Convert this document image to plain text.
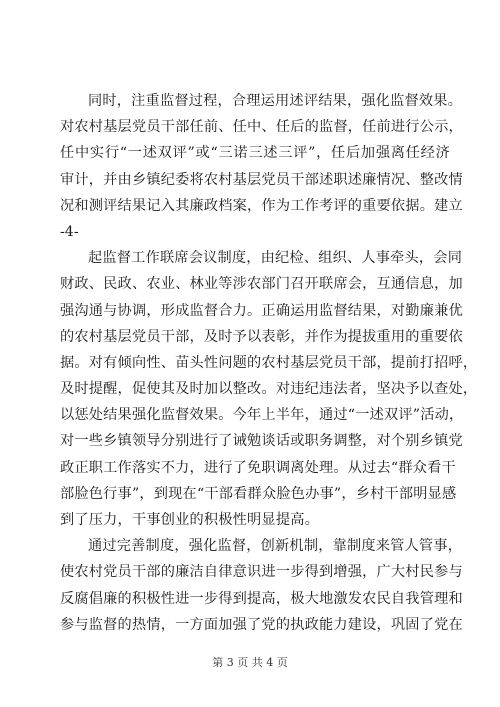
同时，注重监督过程，合理运用述评结果，强化监督效果。
对农村基层党员干部任前、任中、任后的监督，任前进行公示，
任中实行“一述双评”或“三诺三述三评”，任后加强离任经济
审计，并由乡镇纪委将农村基层党员干部述职述廉情况、整改情
况和测评结果记入其廉政档案，作为工作考评的重要依据。建立
-4-
起监督工作联席会议制度，由纪检、组织、人事牵头，会同
财政、民政、农业、林业等涉农部门召开联席会，互通信息，加
强沟通与协调，形成监督合力。正确运用监督结果，对勤廉兼优
的农村基层党员干部，及时予以表彰，并作为提拔重用的重要依
据。对有倾向性、苗头性问题的农村基层党员干部，提前打招呼，
及时提醒，促使其及时加以整改。对违纪违法者，坚决予以查处，
以惩处结果强化监督效果。今年上半年，通过“一述双评”活动，
对一些乡镇领导分别进行了诫勉谈话或职务调整，对个别乡镇党
政正职工作落实不力，进行了免职调离处理。从过去“群众看干
部脸色行事”，到现在“干部看群众脸色办事”，乡村干部明显感
到了压力，干事创业的积极性明显提高。
通过完善制度，强化监督，创新机制，靠制度来管人管事，
使农村党员干部的廉洁自律意识进一步得到增强，广大村民参与
反腐倡廉的积极性进一步得到提高，极大地激发农民自我管理和
参与监督的热情，一方面加强了党的执政能力建设，巩固了党在
第 3 页 共 4 页
